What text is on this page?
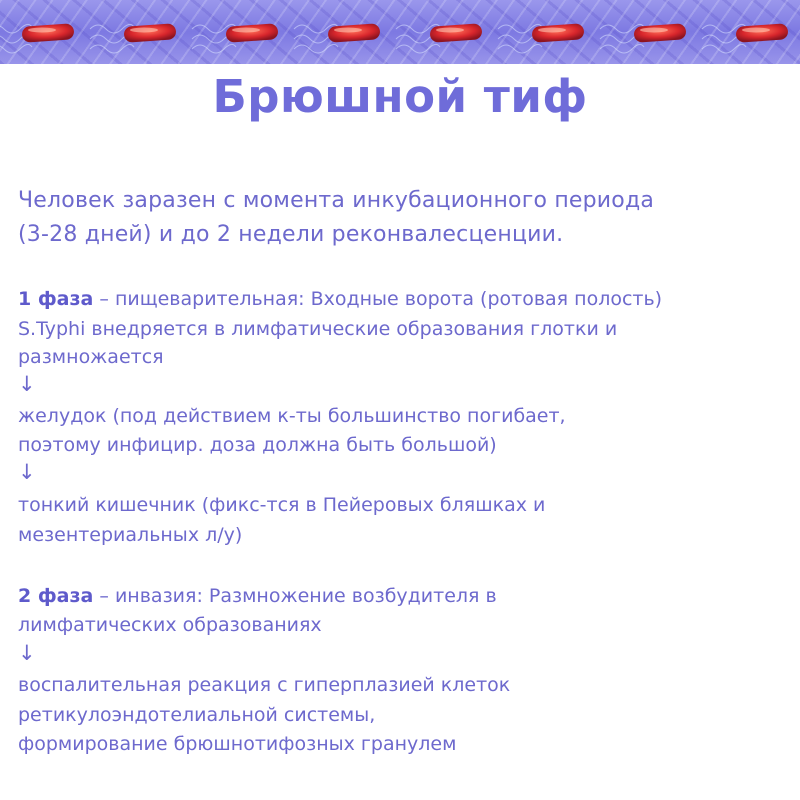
Брюшной тиф
Человек заразен с момента инкубационного периода
(3-28 дней) и до 2 недели реконвалесценции.
1 фаза – пищеварительная: Входные ворота (ротовая полость)
S.Typhi внедряется в лимфатические образования глотки и
размножается
↓
желудок (под действием к-ты большинство погибает,
поэтому инфицир. доза должна быть большой)
↓
тонкий кишечник (фикс-тся в Пейеровых бляшках и
мезентериальных л/у)
2 фаза – инвазия: Размножение возбудителя в
лимфатических образованиях
↓
воспалительная реакция с гиперплазией клеток
ретикулоэндотелиальной системы,
формирование брюшнотифозных гранулем
